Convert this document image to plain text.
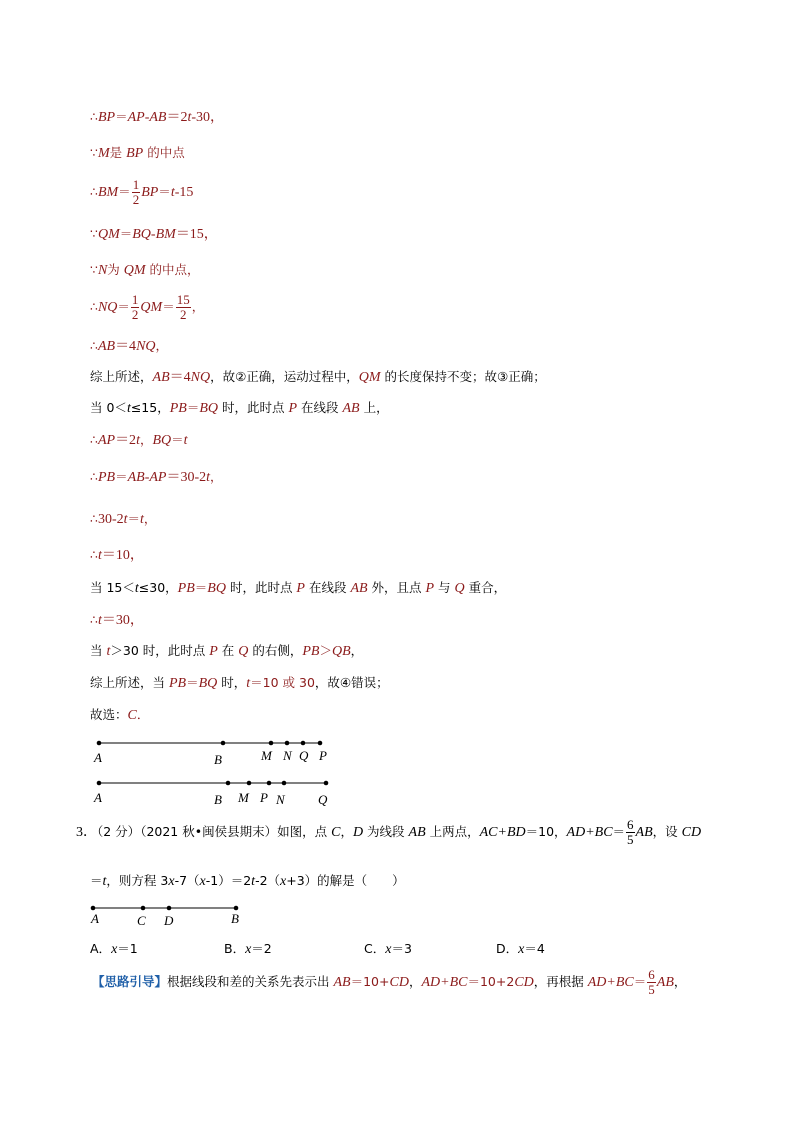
∴BP＝AP-AB＝2t-30，
∵M是 BP 的中点
∴BM＝ $\frac{1}{2} BP=t-15$
∵QM＝BQ-BM＝15，
∵N为 QM 的中点，
∴NQ＝ $\frac{1}{2} QM= \frac{15}{2}$ ，
∴AB＝4NQ，
综上所述，AB＝4NQ，故②正确，运动过程中，QM 的长度保持不变；故③正确；
当 0＜t≤15，PB＝BQ 时，此时点 P 在线段 AB 上，
∴AP＝2t，BQ＝t
∴PB＝AB-AP＝30-2t，
∴30-2t＝t，
∴t＝10，
当 15＜t≤30，PB＝BQ 时，此时点 P 在线段 AB 外，且点 P 与 Q 重合，
∴t＝30，
当 t＞30 时，此时点 P 在 Q 的右侧，PB＞QB，
综上所述，当 PB＝BQ 时，t＝10 或 30，故④错误；
故选：C．
A	B	M N Q P
A	B M P N	Q
A	C D	B
3．（2 分）（2021 秋•闽侯县期末）如图，点 C，D 为线段 AB 上两点，AC+BD＝10，$AD+BC= \frac{6}{5}$ AB，设 CD
＝t，则方程 3x-7（x-1）＝2t-2（x+3）的解是（　　）
A．x＝1	B．x＝2	C．x＝3	D．x＝4
【思路引导】根据线段和差的关系先表示出 AB＝10+CD，AD+BC＝10+2CD，再根据 $AD+BC= \frac{6}{5}$ AB，
